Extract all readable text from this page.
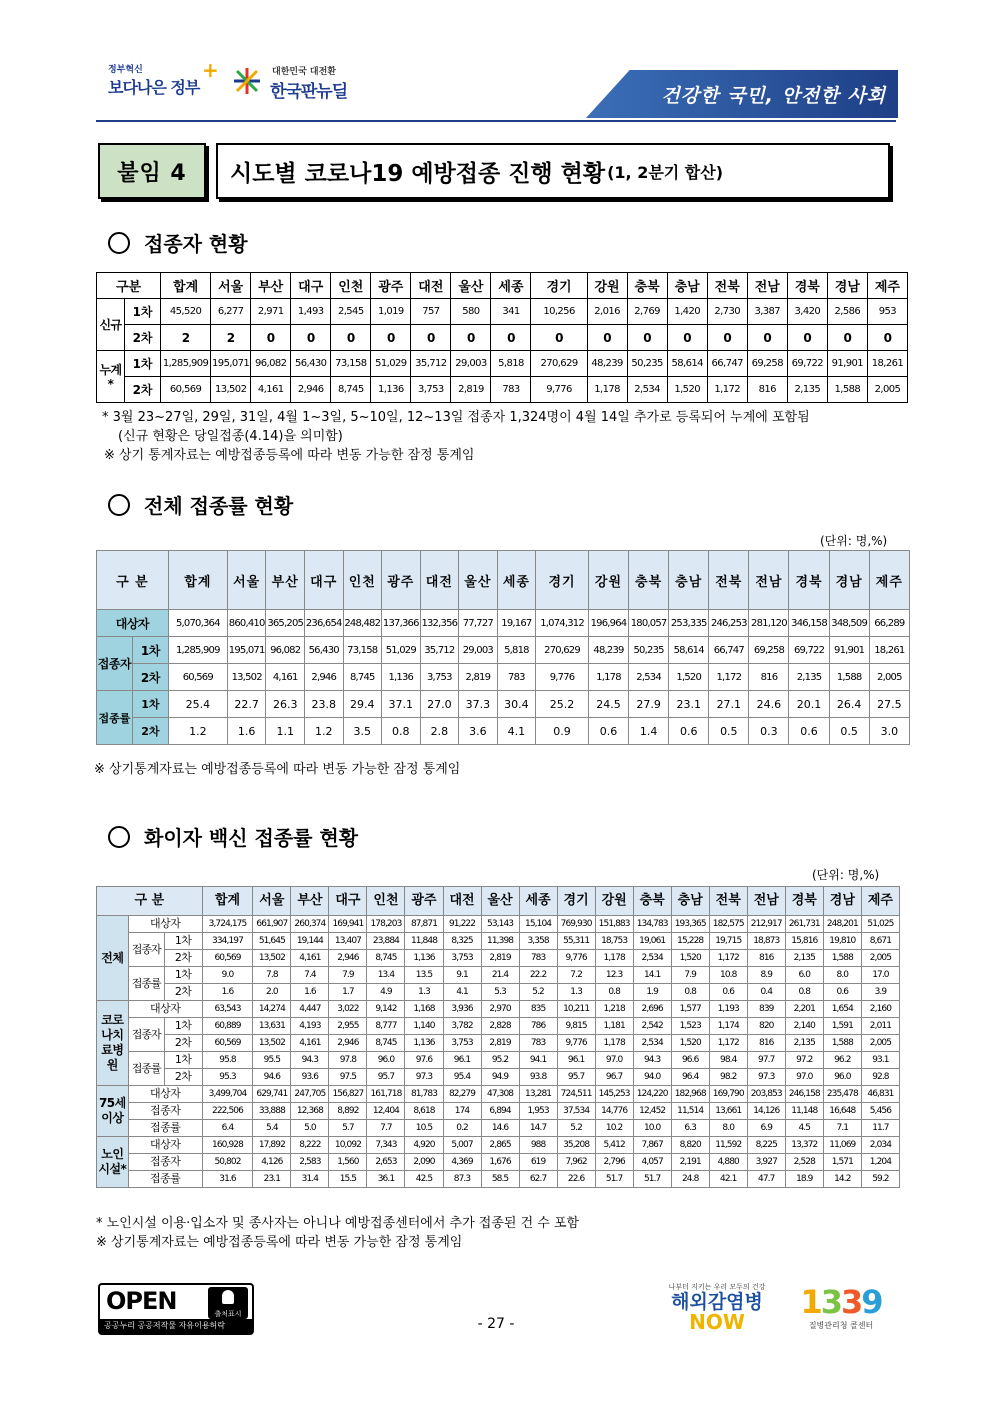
정부혁신
보다나은 정부
+	대한민국 대전환
한국판뉴딜	건강한 국민, 안전한 사회
붙임 4	시도별 코로나19 예방접종 진행 현황 (1, 2분기 합산)
접종자 현황
구분		합계	서울	부산	대구	인천	광주	대전	울산	세종	경기	강원	충북	충남	전북	전남	경북	경남	제주
신규	1차	45,520	6,277	2,971	1,493	2,545	1,019	757	580	341	10,256	2,016	2,769	1,420	2,730	3,387	3,420	2,586	953
	2차	2	2	0	0	0	0	0	0	0	0	0	0	0	0	0	0	0	0
누계*	1차	1,285,909	195,071	96,082	56,430	73,158	51,029	35,712	29,003	5,818	270,629	48,239	50,235	58,614	66,747	69,258	69,722	91,901	18,261
	2차	60,569	13,502	4,161	2,946	8,745	1,136	3,753	2,819	783	9,776	1,178	2,534	1,520	1,172	816	2,135	1,588	2,005
* 3월 23~27일, 29일, 31일, 4월 1~3일, 5~10일, 12~13일 접종자 1,324명이 4월 14일 추가로 등록되어 누계에 포함됨
(신규 현황은 당일접종(4.14)을 의미함)
※ 상기 통계자료는 예방접종등록에 따라 변동 가능한 잠정 통계임
전체 접종률 현황
(단위: 명,%)
구 분		합계	서울	부산	대구	인천	광주	대전	울산	세종	경기	강원	충북	충남	전북	전남	경북	경남	제주
대상자		5,070,364	860,410	365,205	236,654	248,482	137,366	132,356	77,727	19,167	1,074,312	196,964	180,057	253,335	246,253	281,120	346,158	348,509	66,289
접종자	1차	1,285,909	195,071	96,082	56,430	73,158	51,029	35,712	29,003	5,818	270,629	48,239	50,235	58,614	66,747	69,258	69,722	91,901	18,261
	2차	60,569	13,502	4,161	2,946	8,745	1,136	3,753	2,819	783	9,776	1,178	2,534	1,520	1,172	816	2,135	1,588	2,005
접종률	1차	25.4	22.7	26.3	23.8	29.4	37.1	27.0	37.3	30.4	25.2	24.5	27.9	23.1	27.1	24.6	20.1	26.4	27.5
	2차	1.2	1.6	1.1	1.2	3.5	0.8	2.8	3.6	4.1	0.9	0.6	1.4	0.6	0.5	0.3	0.6	0.5	3.0
※ 상기통계자료는 예방접종등록에 따라 변동 가능한 잠정 통계임
화이자 백신 접종률 현황
(단위: 명,%)
구 분			합계	서울	부산	대구	인천	광주	대전	울산	세종	경기	강원	충북	충남	전북	전남	경북	경남	제주
전체	대상자		3,724,175	661,907	260,374	169,941	178,203	87,871	91,222	53,143	15,104	769,930	151,883	134,783	193,365	182,575	212,917	261,731	248,201	51,025
	접종자	1차	334,197	51,645	19,144	13,407	23,884	11,848	8,325	11,398	3,358	55,311	18,753	19,061	15,228	19,715	18,873	15,816	19,810	8,671
		2차	60,569	13,502	4,161	2,946	8,745	1,136	3,753	2,819	783	9,776	1,178	2,534	1,520	1,172	816	2,135	1,588	2,005
	접종률	1차	9.0	7.8	7.4	7.9	13.4	13.5	9.1	21.4	22.2	7.2	12.3	14.1	7.9	10.8	8.9	6.0	8.0	17.0
		2차	1.6	2.0	1.6	1.7	4.9	1.3	4.1	5.3	5.2	1.3	0.8	1.9	0.8	0.6	0.4	0.8	0.6	3.9
코로나치료병원	대상자		63,543	14,274	4,447	3,022	9,142	1,168	3,936	2,970	835	10,211	1,218	2,696	1,577	1,193	839	2,201	1,654	2,160
	접종자	1차	60,889	13,631	4,193	2,955	8,777	1,140	3,782	2,828	786	9,815	1,181	2,542	1,523	1,174	820	2,140	1,591	2,011
		2차	60,569	13,502	4,161	2,946	8,745	1,136	3,753	2,819	783	9,776	1,178	2,534	1,520	1,172	816	2,135	1,588	2,005
	접종률	1차	95.8	95.5	94.3	97.8	96.0	97.6	96.1	95.2	94.1	96.1	97.0	94.3	96.6	98.4	97.7	97.2	96.2	93.1
		2차	95.3	94.6	93.6	97.5	95.7	97.3	95.4	94.9	93.8	95.7	96.7	94.0	96.4	98.2	97.3	97.0	96.0	92.8
75세이상	대상자		3,499,704	629,741	247,705	156,827	161,718	81,783	82,279	47,308	13,281	724,511	145,253	124,220	182,968	169,790	203,853	246,158	235,478	46,831
	접종자		222,506	33,888	12,368	8,892	12,404	8,618	174	6,894	1,953	37,534	14,776	12,452	11,514	13,661	14,126	11,148	16,648	5,456
	접종률		6.4	5.4	5.0	5.7	7.7	10.5	0.2	14.6	14.7	5.2	10.2	10.0	6.3	8.0	6.9	4.5	7.1	11.7
노인시설*	대상자		160,928	17,892	8,222	10,092	7,343	4,920	5,007	2,865	988	35,208	5,412	7,867	8,820	11,592	8,225	13,372	11,069	2,034
	접종자		50,802	4,126	2,583	1,560	2,653	2,090	4,369	1,676	619	7,962	2,796	4,057	2,191	4,880	3,927	2,528	1,571	1,204
	접종률		31.6	23.1	31.4	15.5	36.1	42.5	87.3	58.5	62.7	22.6	51.7	51.7	24.8	42.1	47.7	18.9	14.2	59.2
* 노인시설 이용·입소자 및 종사자는 아니나 예방접종센터에서 추가 접종된 건 수 포함
※ 상기통계자료는 예방접종등록에 따라 변동 가능한 잠정 통계임
OPEN	출처표시
공공누리 공공저작물 자유이용허락	- 27 -
나부터 지키는 우리 모두의 건강
해외감염병
NOW
1339
질병관리청 콜센터
